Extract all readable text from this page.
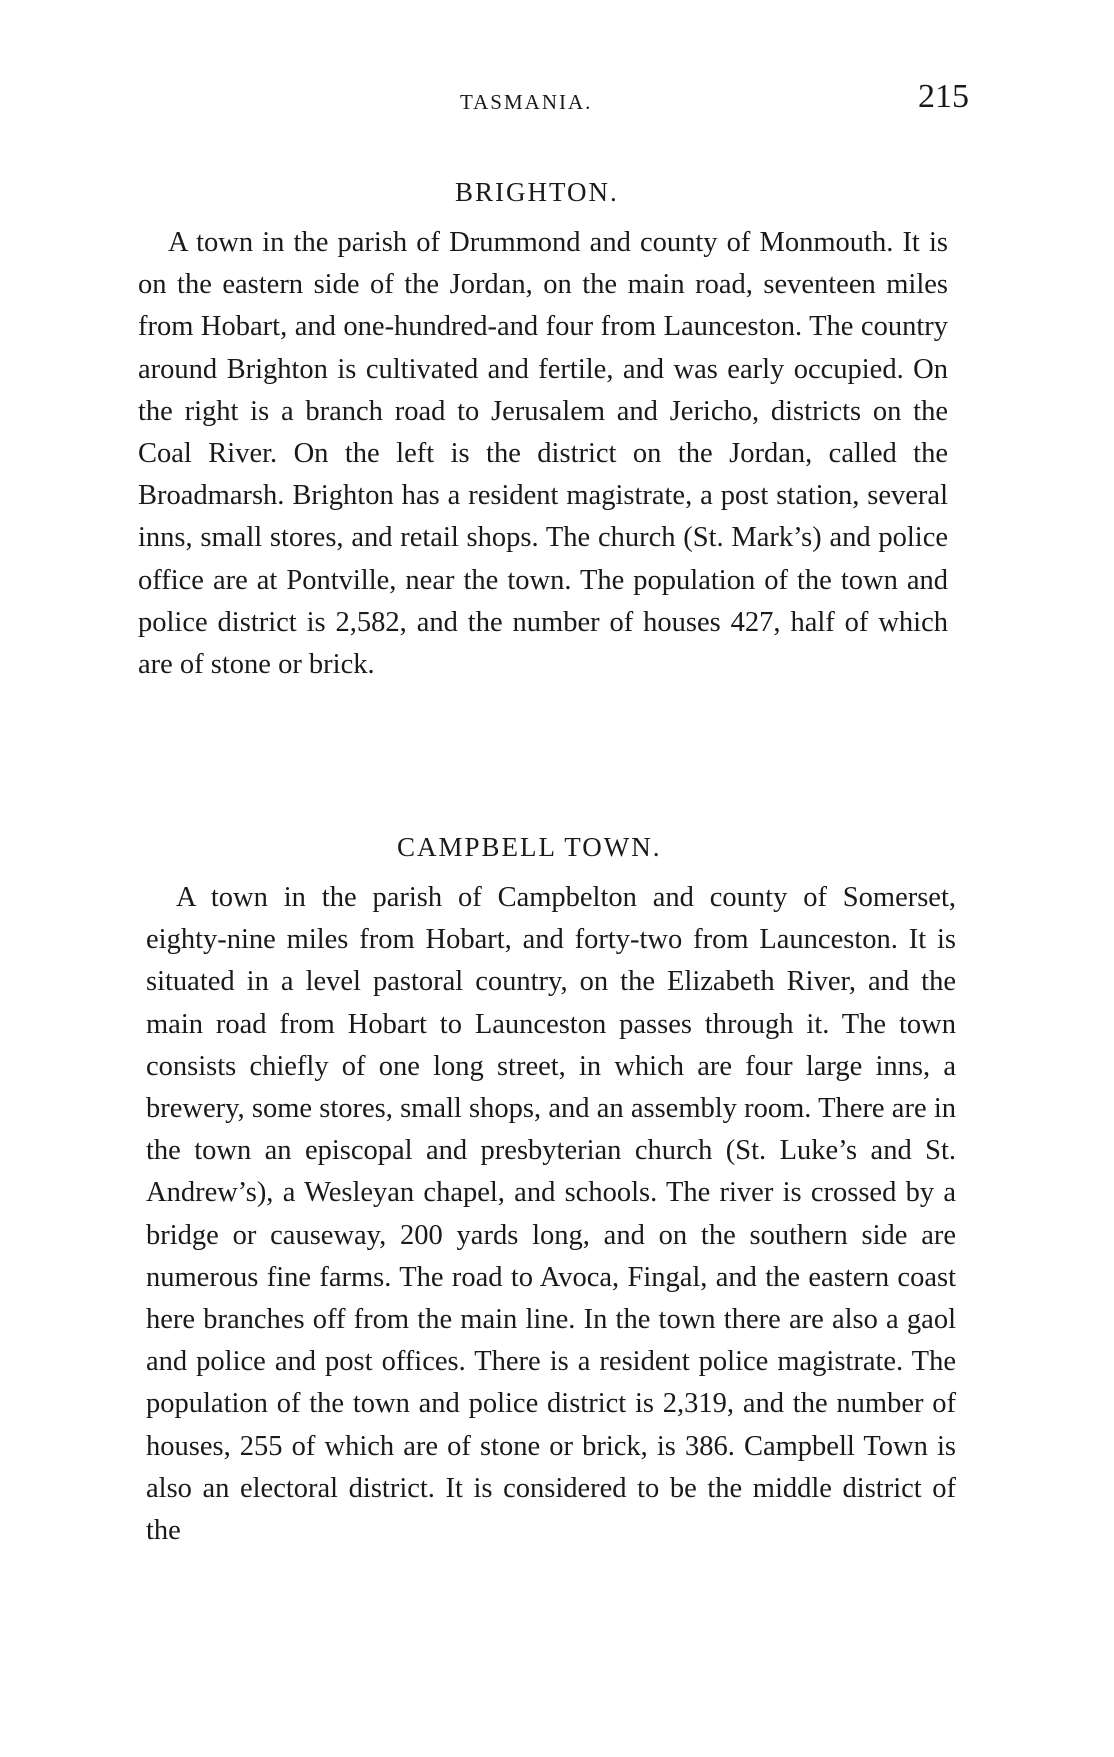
TASMANIA.	215
BRIGHTON.

A town in the parish of Drummond and county of Monmouth. It is on the eastern side of the Jordan, on the main road, seventeen miles from Hobart, and one-hundred-and four from Launceston. The country around Brighton is cultivated and fertile, and was early occupied. On the right is a branch road to Jerusalem and Jericho, districts on the Coal River. On the left is the district on the Jordan, called the Broadmarsh. Brighton has a resident magistrate, a post station, several inns, small stores, and retail shops. The church (St. Mark’s) and police office are at Pontville, near the town. The population of the town and police district is 2,582, and the number of houses 427, half of which are of stone or brick.

CAMPBELL TOWN.

A town in the parish of Campbelton and county of Somerset, eighty-nine miles from Hobart, and forty-two from Launceston. It is situated in a level pastoral country, on the Elizabeth River, and the main road from Hobart to Launceston passes through it. The town consists chiefly of one long street, in which are four large inns, a brewery, some stores, small shops, and an assembly room. There are in the town an episcopal and presbyterian church (St. Luke’s and St. Andrew’s), a Wesleyan chapel, and schools. The river is crossed by a bridge or causeway, 200 yards long, and on the southern side are numerous fine farms. The road to Avoca, Fingal, and the eastern coast here branches off from the main line. In the town there are also a gaol and police and post offices. There is a resident police magistrate. The population of the town and police district is 2,319, and the number of houses, 255 of which are of stone or brick, is 386. Campbell Town is also an electoral district. It is considered to be the middle district of the
